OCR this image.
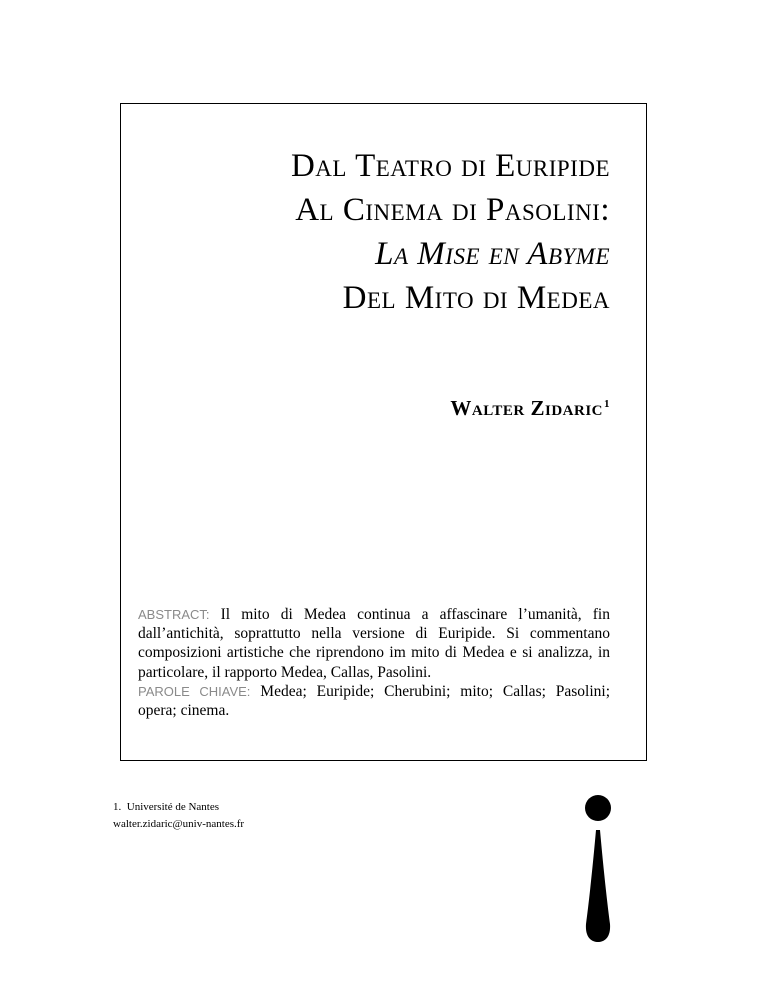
Dal Teatro di Euripide
Al Cinema di Pasolini:
La Mise en Abyme
Del Mito di Medea
Walter Zidaric$^1$
ABSTRACT: Il mito di Medea continua a affascinare l’umanità, fin dall’antichità, soprattutto nella versione di Euripide. Si commentano composizioni artistiche che riprendono im mito di Medea e si analizza, in particolare, il rapporto Medea, Callas, Pasolini.
PAROLE CHIAVE: Medea; Euripide; Cherubini; mito; Callas; Pasolini; opera; cinema.
1. Université de Nantes
walter.zidaric@univ-nantes.fr
